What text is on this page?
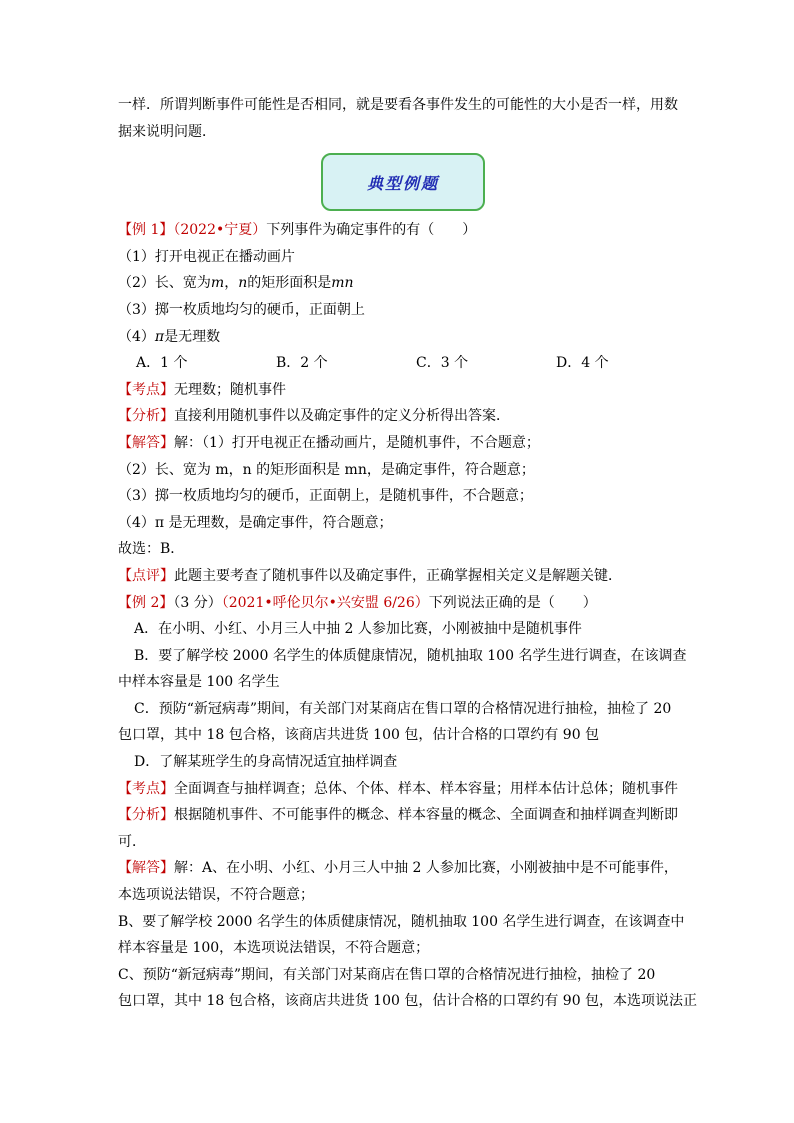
一样．所谓判断事件可能性是否相同，就是要看各事件发生的可能性的大小是否一样，用数
据来说明问题．
典型例题
【例 1】（2022•宁夏）下列事件为确定事件的有（　　）
（1）打开电视正在播动画片
（2）长、宽为m，n的矩形面积是mn
（3）掷一枚质地均匀的硬币，正面朝上
（4）π是无理数
A．1 个	B．2 个	C．3 个	D．4 个
【考点】无理数；随机事件
【分析】直接利用随机事件以及确定事件的定义分析得出答案．
【解答】解：（1）打开电视正在播动画片，是随机事件，不合题意；
（2）长、宽为 m，n 的矩形面积是 mn，是确定事件，符合题意；
（3）掷一枚质地均匀的硬币，正面朝上，是随机事件，不合题意；
（4）π 是无理数，是确定事件，符合题意；
故选：B．
【点评】此题主要考查了随机事件以及确定事件，正确掌握相关定义是解题关键．
【例 2】（3 分）（2021•呼伦贝尔•兴安盟 6/26）下列说法正确的是（　　）
A．在小明、小红、小月三人中抽 2 人参加比赛，小刚被抽中是随机事件
B．要了解学校 2000 名学生的体质健康情况，随机抽取 100 名学生进行调查，在该调查
中样本容量是 100 名学生
C．预防“新冠病毒”期间，有关部门对某商店在售口罩的合格情况进行抽检，抽检了 20
包口罩，其中 18 包合格，该商店共进货 100 包，估计合格的口罩约有 90 包
D．了解某班学生的身高情况适宜抽样调查
【考点】全面调查与抽样调查；总体、个体、样本、样本容量；用样本估计总体；随机事件
【分析】根据随机事件、不可能事件的概念、样本容量的概念、全面调查和抽样调查判断即
可．
【解答】解：A、在小明、小红、小月三人中抽 2 人参加比赛，小刚被抽中是不可能事件，
本选项说法错误，不符合题意；
B、要了解学校 2000 名学生的体质健康情况，随机抽取 100 名学生进行调查，在该调查中
样本容量是 100，本选项说法错误，不符合题意；
C、预防“新冠病毒”期间，有关部门对某商店在售口罩的合格情况进行抽检，抽检了 20
包口罩，其中 18 包合格，该商店共进货 100 包，估计合格的口罩约有 90 包，本选项说法正
